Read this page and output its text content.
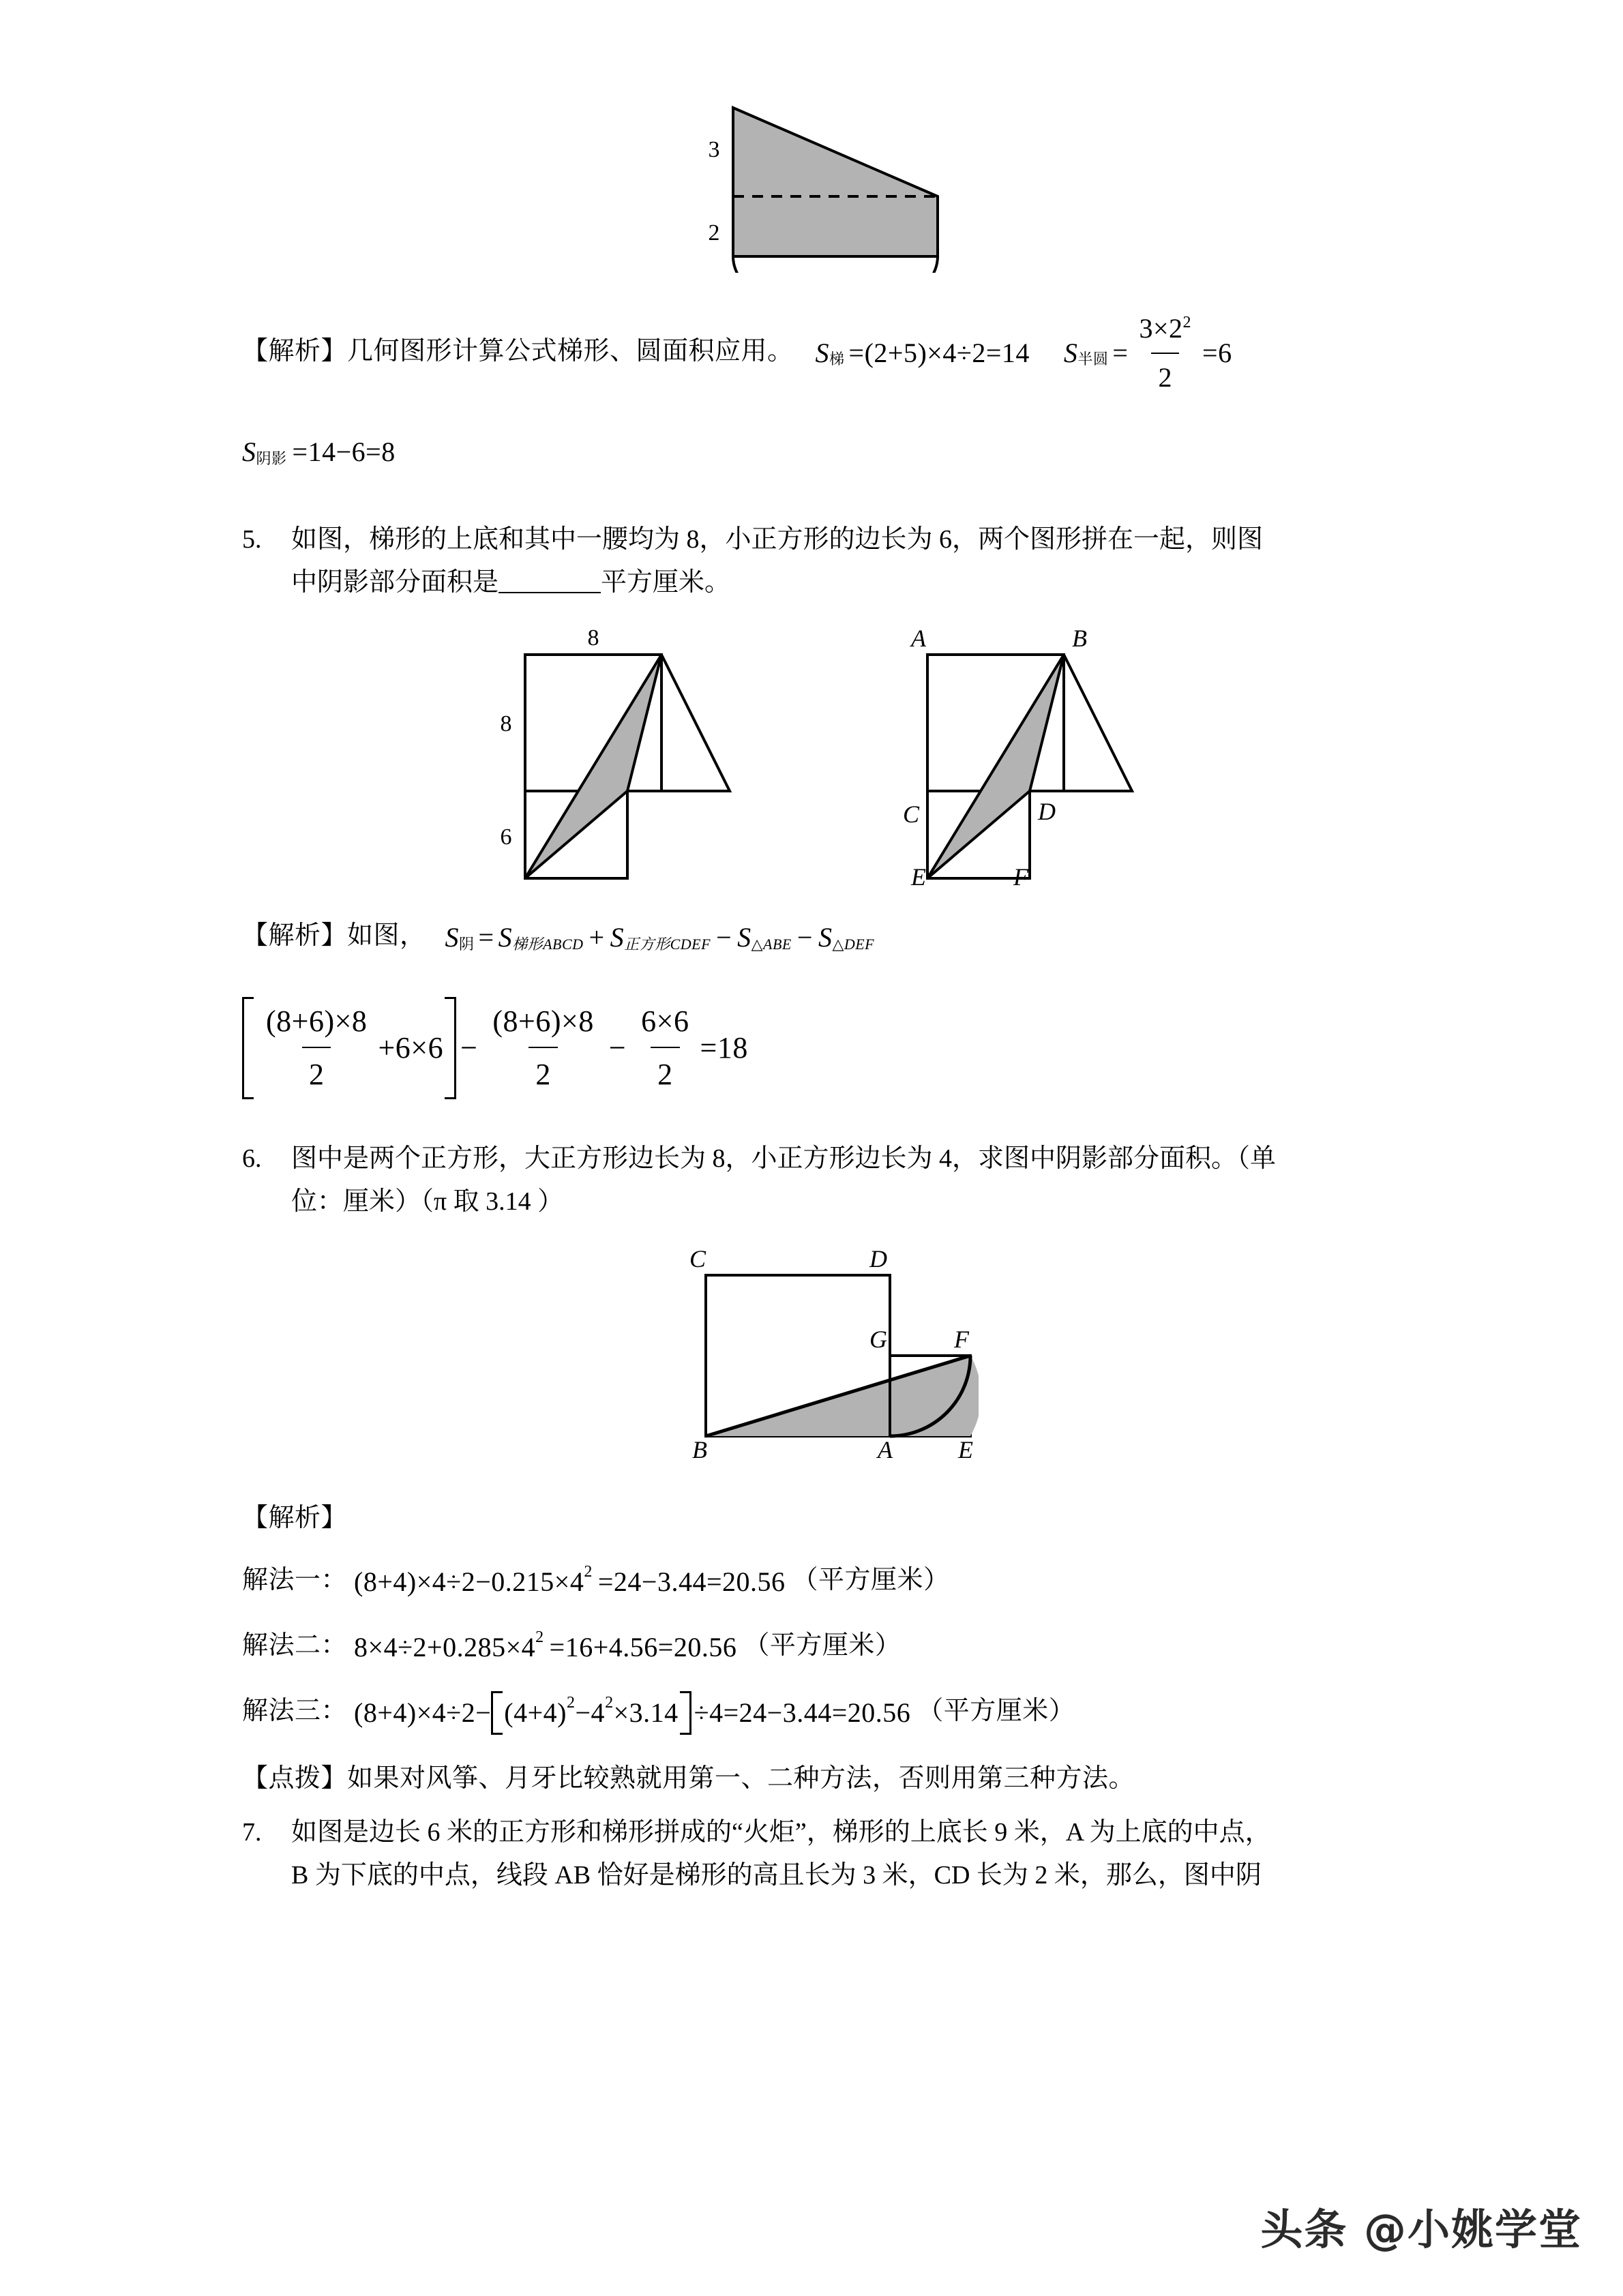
3
2
【解析】几何图形计算公式梯形、圆面积应用。 S 梯 =(2+5)×4÷2=14
S 半圆 = $\frac{3\times 22}{2} =6$
S 阴影 =14−6=8
5.	如图，梯形的上底和其中一腰均为 8，小正方形的边长为 6，两个图形拼在一起，则图
中阴影部分面积是	平方厘米。
8
8
6
A	B
C	D
E	F
【解析】如图， S 阴 = S 梯形ABCD + S 正方形CDEF − S △ABE − S △DEF
$\frac{(8+6)\times 8}{2} +6\times 6 - \frac{(8+6)\times 8}{2} - \frac{6\times 6}{2} =18$
6.	图中是两个正方形，大正方形边长为 8，小正方形边长为 4，求图中阴影部分面积。（单
位：厘米）（π 取 3.14 ）
C	D
G	F
B	A	E
【解析】
解法一： (8+4)×4÷2−0.215×4 2 =24−3.44=20.56 （平方厘米）
解法二： 8×4÷2+0.285×4 2 =16+4.56=20.56 （平方厘米）
解法三： (8+4)×4÷2− (4+4) 2 −4 2 ×3.14 ÷4=24−3.44=20.56 （平方厘米）
【点拨】如果对风筝、月牙比较熟就用第一、二种方法，否则用第三种方法。
7.	如图是边长 6 米的正方形和梯形拼成的“火炬”，梯形的上底长 9 米，A 为上底的中点，
B 为下底的中点，线段 AB 恰好是梯形的高且长为 3 米，CD 长为 2 米，那么，图中阴
头条 @小姚学堂
